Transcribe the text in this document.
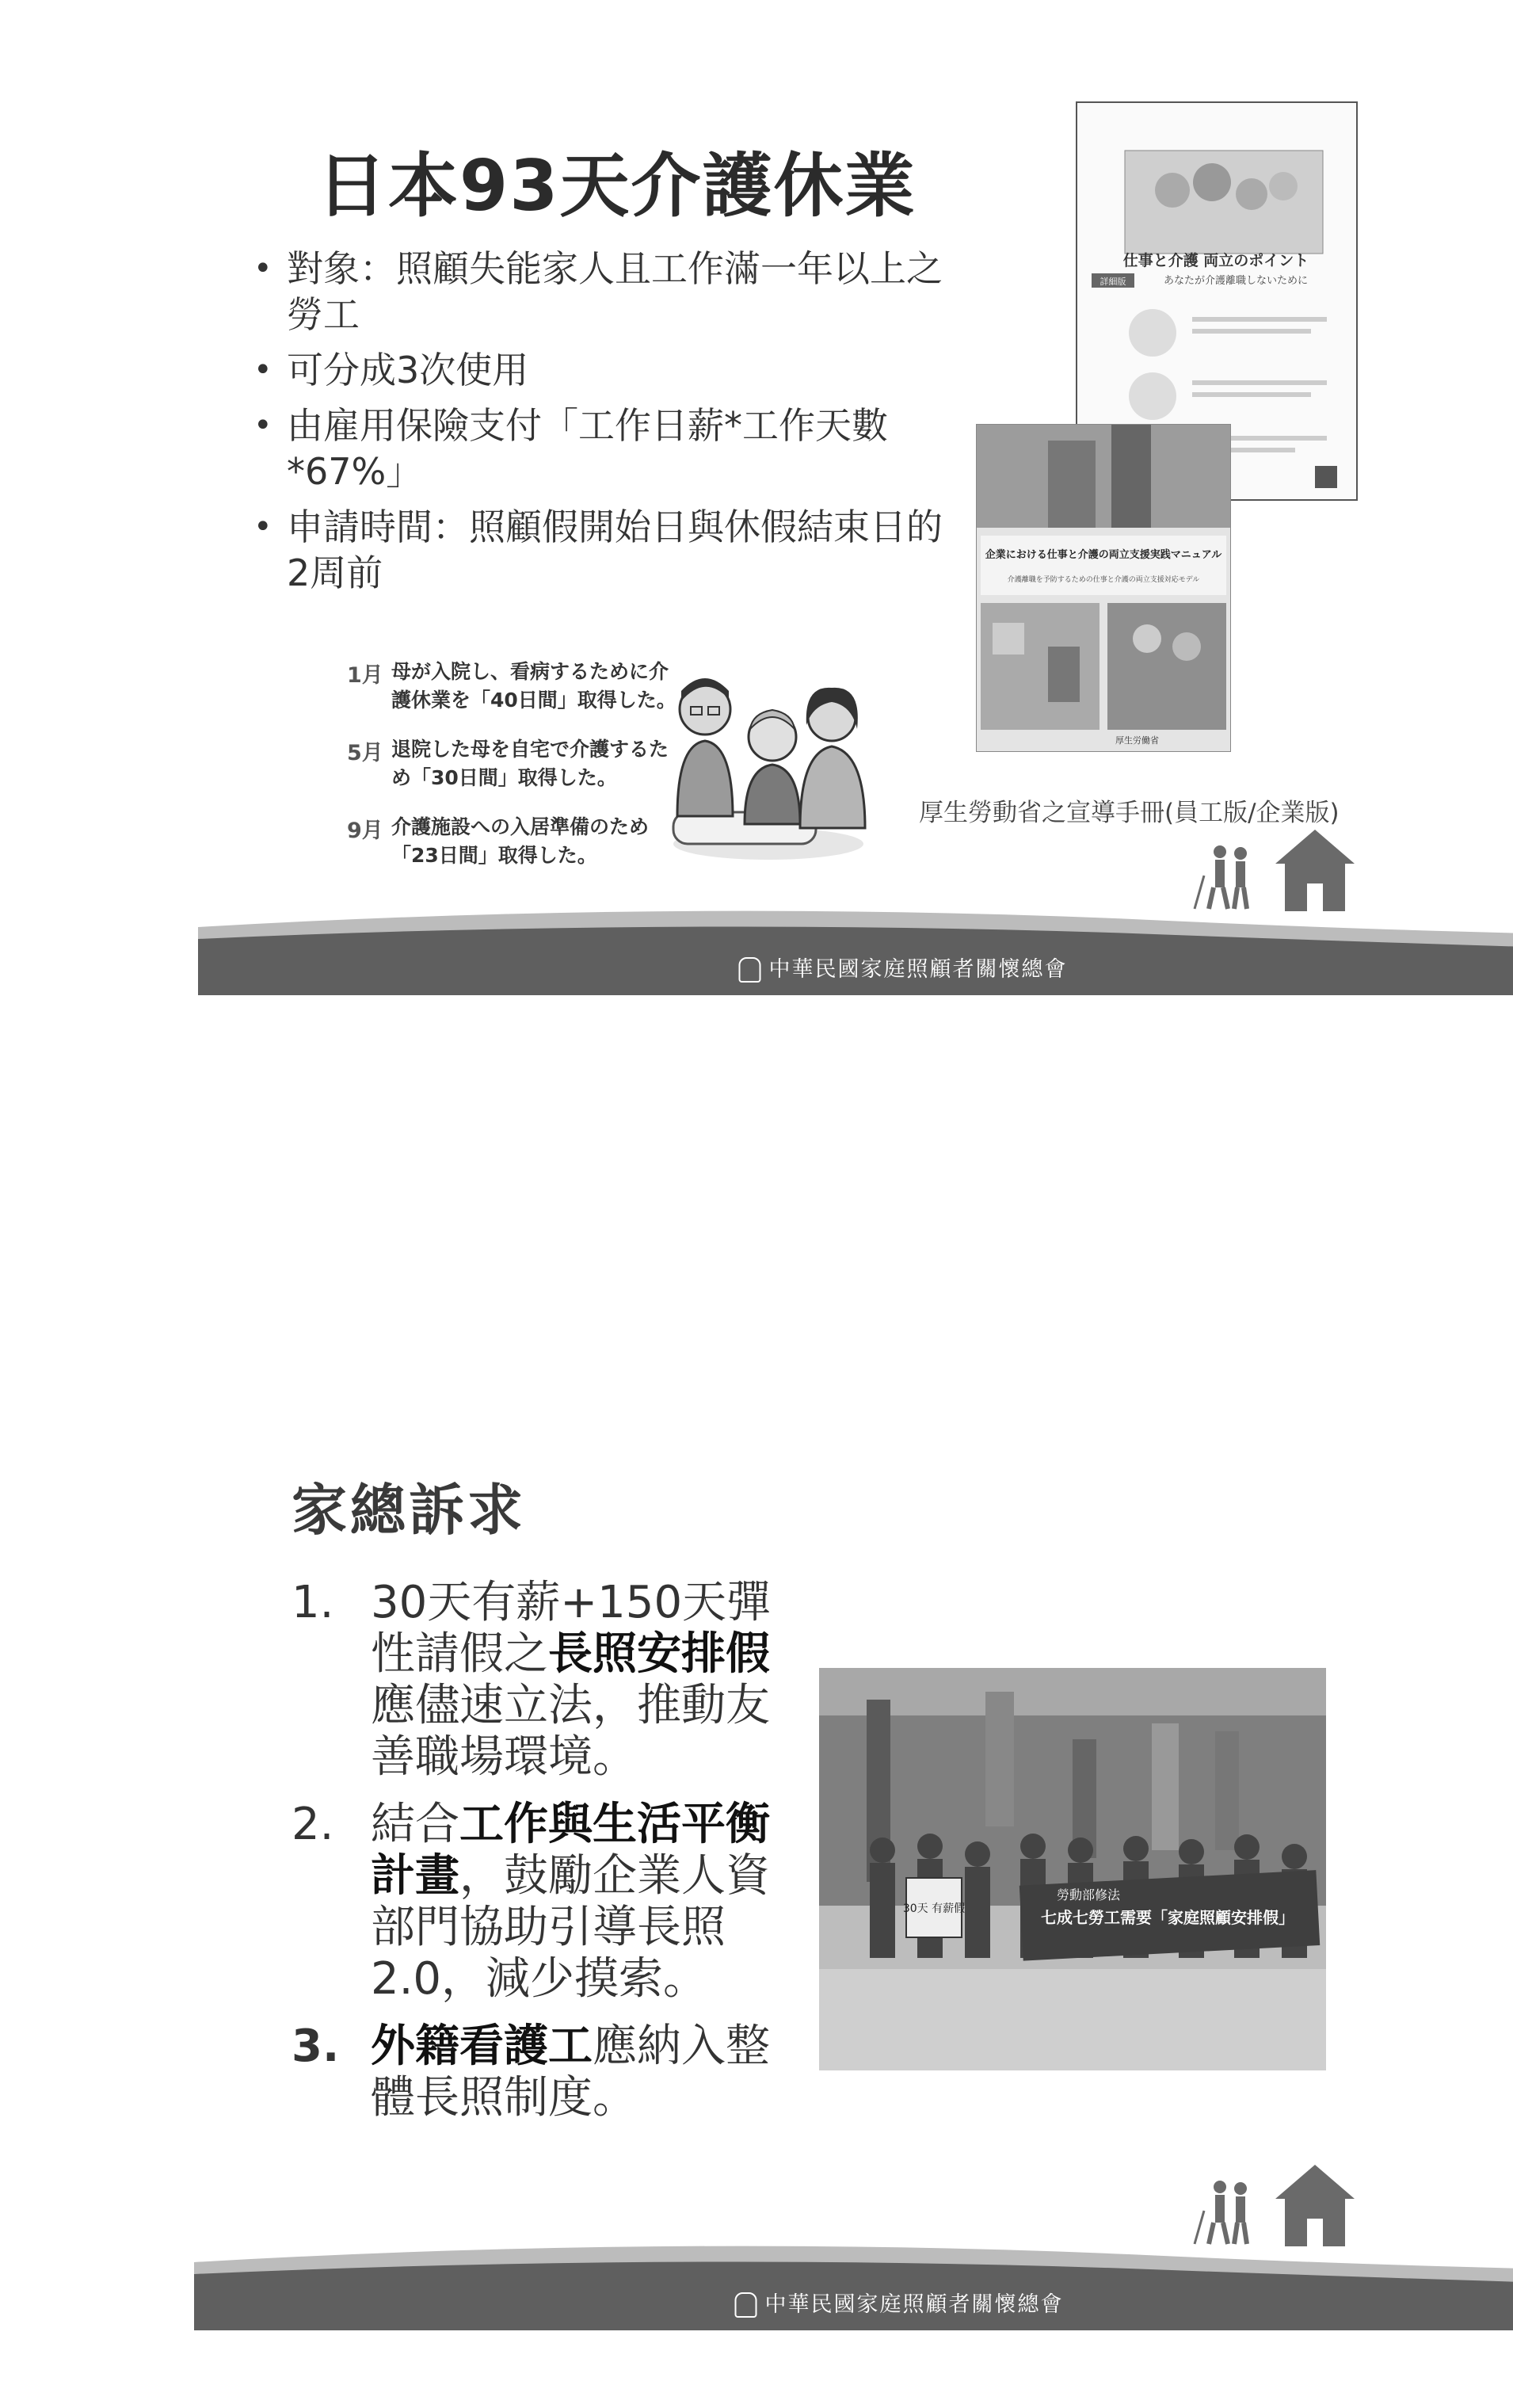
日本93天介護休業
• 對象：照顧失能家人且工作滿一年以上之勞工
• 可分成3次使用
• 由雇用保險支付「工作日薪*工作天數*67%」
• 申請時間：照顧假開始日與休假結束日的2周前
1月 母が入院し、看病するために介護休業を「40日間」取得した。
5月 退院した母を自宅で介護するため「30日間」取得した。
9月 介護施設への入居準備のため「23日間」取得した。
仕事と介護 両立のポイント
あなたが介護離職しないために
詳細版
企業における仕事と介護の両立支援実践マニュアル
介護離職を予防するための仕事と介護の両立支援対応モデル
厚生労働省
厚生勞動省之宣導手冊(員工版/企業版)
中華民國家庭照顧者關懷總會
家總訴求
1. 30天有薪+150天彈性請假之長照安排假應儘速立法，推動友善職場環境。
2. 結合工作與生活平衡計畫，鼓勵企業人資部門協助引導長照2.0，減少摸索。
3. 外籍看護工應納入整體長照制度。
30天 有薪假
勞動部修法
七成七勞工需要「家庭照顧安排假」
中華民國家庭照顧者關懷總會
